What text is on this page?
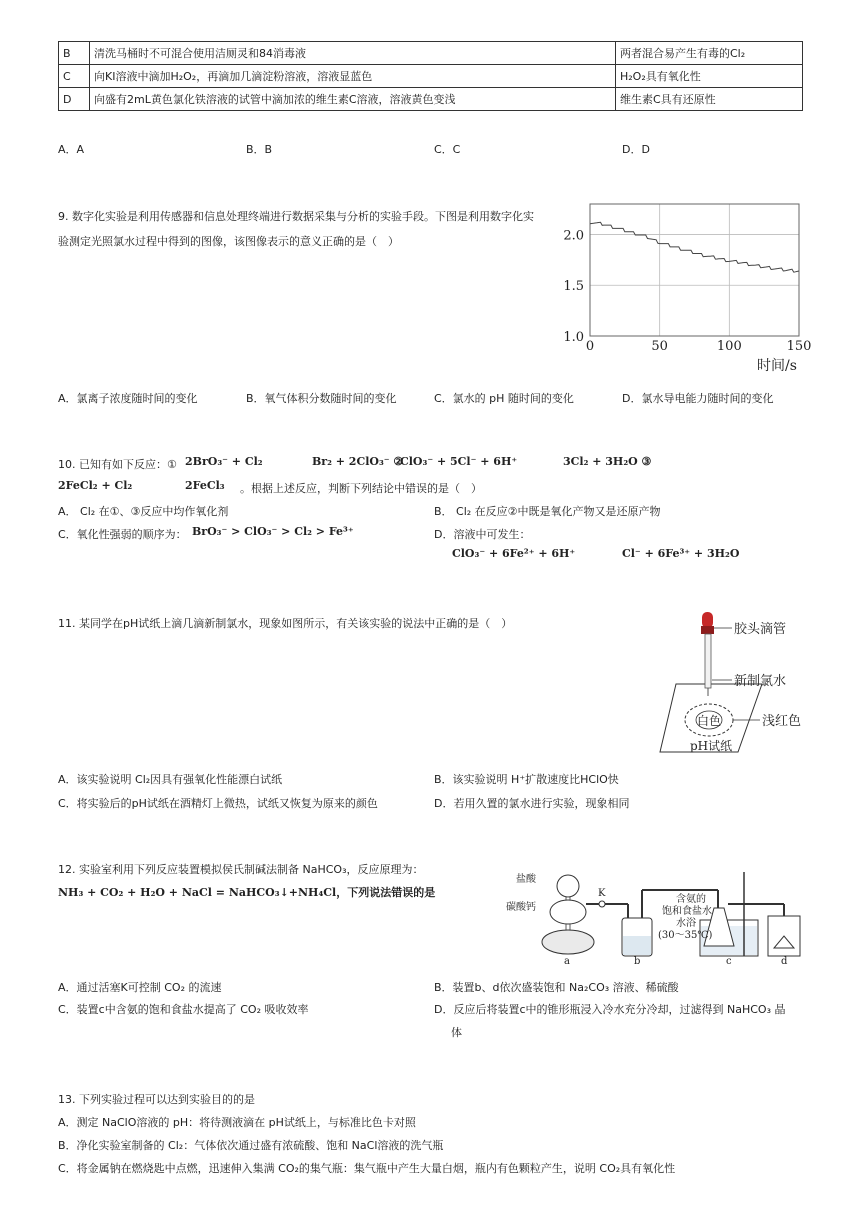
B	清洗马桶时不可混合使用洁厕灵和84消毒液	两者混合易产生有毒的Cl₂
C	向KI溶液中滴加H₂O₂，再滴加几滴淀粉溶液，溶液显蓝色	H₂O₂具有氧化性
D	向盛有2mL黄色氯化铁溶液的试管中滴加浓的维生素C溶液，溶液黄色变浅	维生素C具有还原性
A．A	B．B	C．C	D．D
9. 数字化实验是利用传感器和信息处理终端进行数据采集与分析的实验手段。下图是利用数字化实
验测定光照氯水过程中得到的图像，该图像表示的意义正确的是（　）
0	50	100	150
1.0
1.5
2.0
时间/s
A．氯离子浓度随时间的变化	B．氧气体积分数随时间的变化	C．氯水的 pH 随时间的变化	D．氯水导电能力随时间的变化
10. 已知有如下反应：① 2BrO₃⁻ + Cl₂	Br₂ + 2ClO₃⁻ ②
ClO₃⁻ + 5Cl⁻ + 6H⁺	3Cl₂ + 3H₂O ③
2FeCl₂ + Cl₂	2FeCl₃ 。根据上述反应，判断下列结论中错误的是（　）
A． Cl₂ 在①、③反应中均作氧化剂	B． Cl₂ 在反应②中既是氧化产物又是还原产物
C．氧化性强弱的顺序为： BrO₃⁻ > ClO₃⁻ > Cl₂ > Fe³⁺	D．溶液中可发生：
ClO₃⁻ + 6Fe²⁺ + 6H⁺	Cl⁻ + 6Fe³⁺ + 3H₂O
11. 某同学在pH试纸上滴几滴新制氯水，现象如图所示，有关该实验的说法中正确的是（　）	胶头滴管
新制氯水
白色	浅红色
pH试纸
A．该实验说明 Cl₂因具有强氧化性能漂白试纸	B．该实验说明 H⁺扩散速度比HClO快
C．将实验后的pH试纸在酒精灯上微热，试纸又恢复为原来的颜色	D．若用久置的氯水进行实验，现象相同
12. 实验室利用下列反应装置模拟侯氏制碱法制备 NaHCO₃，反应原理为：
NH₃ + CO₂ + H₂O + NaCl = NaHCO₃↓+NH₄Cl，下列说法错误的是
盐酸
碳酸钙
K
含氨的
饱和食盐水
水浴
(30～35℃)
a	b	c	d
A．通过活塞K可控制 CO₂ 的流速	B．装置b、d依次盛装饱和 Na₂CO₃ 溶液、稀硫酸
C．装置c中含氨的饱和食盐水提高了 CO₂ 吸收效率	D．反应后将装置c中的锥形瓶浸入冷水充分冷却，过滤得到 NaHCO₃ 晶
体
13. 下列实验过程可以达到实验目的的是
A．测定 NaClO溶液的 pH：将待测液滴在 pH试纸上，与标准比色卡对照
B．净化实验室制备的 Cl₂：气体依次通过盛有浓硫酸、饱和 NaCl溶液的洗气瓶
C．将金属钠在燃烧匙中点燃，迅速伸入集满 CO₂的集气瓶：集气瓶中产生大量白烟，瓶内有色颗粒产生，说明 CO₂具有氧化性
